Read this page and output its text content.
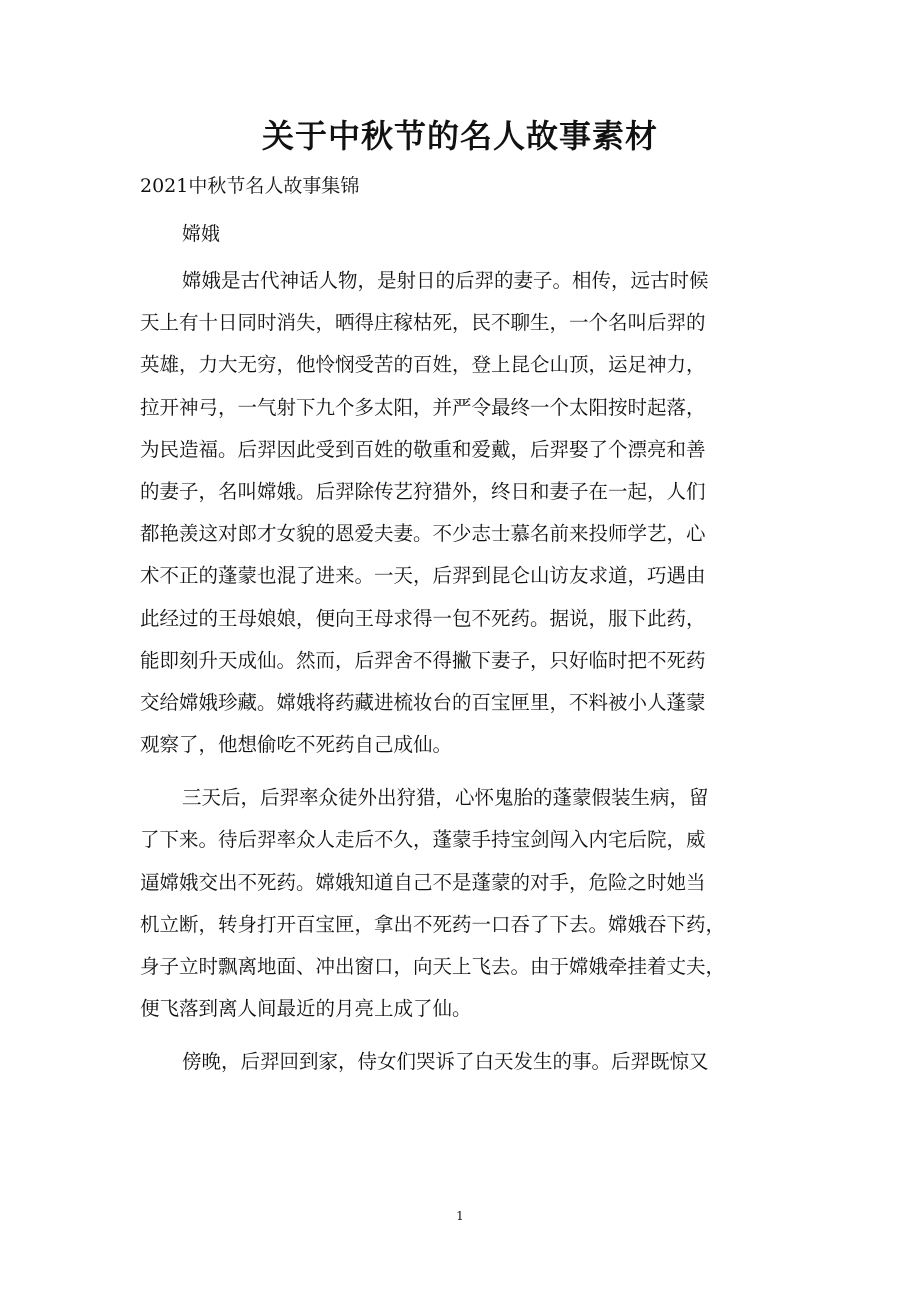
关于中秋节的名人故事素材

2021中秋节名人故事集锦

嫦娥

嫦娥是古代神话人物，是射日的后羿的妻子。相传，远古时候
天上有十日同时消失，晒得庄稼枯死，民不聊生，一个名叫后羿的
英雄，力大无穷，他怜悯受苦的百姓，登上昆仑山顶，运足神力，
拉开神弓，一气射下九个多太阳，并严令最终一个太阳按时起落，
为民造福。后羿因此受到百姓的敬重和爱戴，后羿娶了个漂亮和善
的妻子，名叫嫦娥。后羿除传艺狩猎外，终日和妻子在一起，人们
都艳羡这对郎才女貌的恩爱夫妻。不少志士慕名前来投师学艺，心
术不正的蓬蒙也混了进来。一天，后羿到昆仑山访友求道，巧遇由
此经过的王母娘娘，便向王母求得一包不死药。据说，服下此药，
能即刻升天成仙。然而，后羿舍不得撇下妻子，只好临时把不死药
交给嫦娥珍藏。嫦娥将药藏进梳妆台的百宝匣里，不料被小人蓬蒙
观察了，他想偷吃不死药自己成仙。
三天后，后羿率众徒外出狩猎，心怀鬼胎的蓬蒙假装生病，留
了下来。待后羿率众人走后不久，蓬蒙手持宝剑闯入内宅后院，威
逼嫦娥交出不死药。嫦娥知道自己不是蓬蒙的对手，危险之时她当
机立断，转身打开百宝匣，拿出不死药一口吞了下去。嫦娥吞下药，
身子立时飘离地面、冲出窗口，向天上飞去。由于嫦娥牵挂着丈夫，
便飞落到离人间最近的月亮上成了仙。
傍晚，后羿回到家，侍女们哭诉了白天发生的事。后羿既惊又
1
